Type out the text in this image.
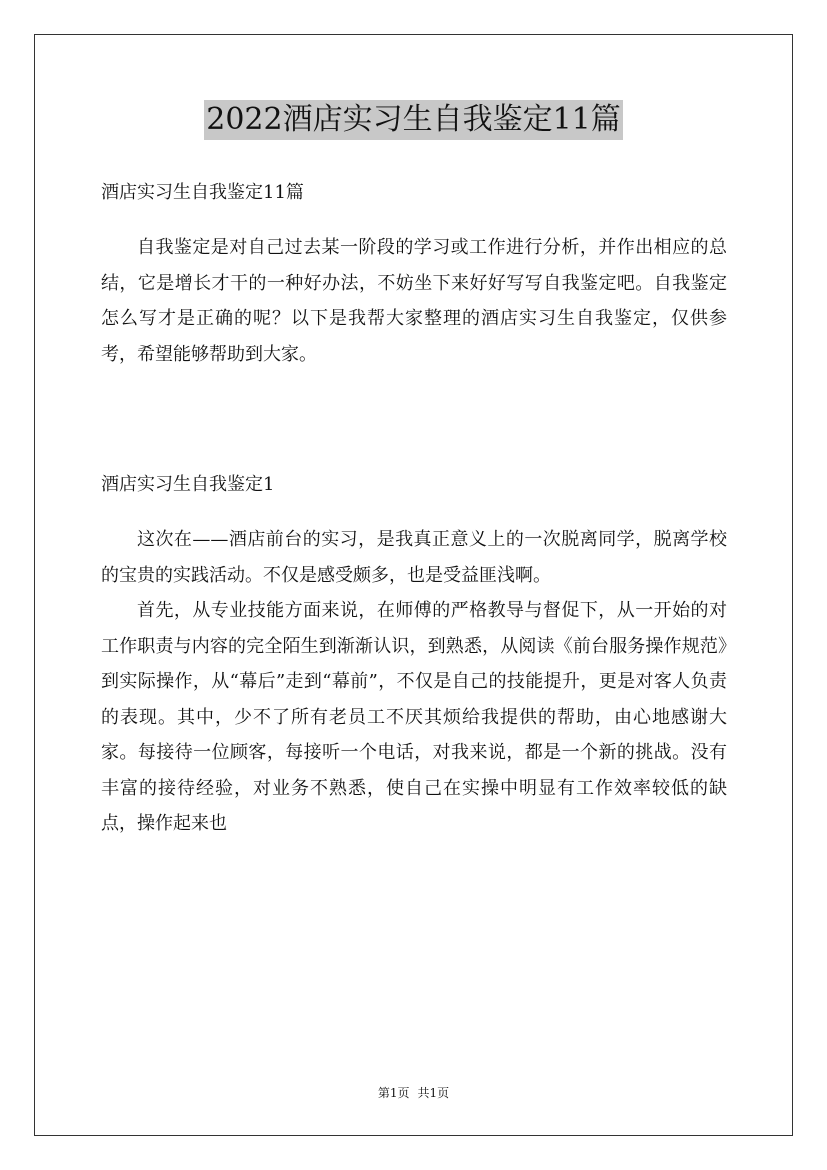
2022酒店实习生自我鉴定11篇

酒店实习生自我鉴定11篇

自我鉴定是对自己过去某一阶段的学习或工作进行分析，并作出相应的总结，它是增长才干的一种好办法，不妨坐下来好好写写自我鉴定吧。自我鉴定怎么写才是正确的呢？以下是我帮大家整理的酒店实习生自我鉴定，仅供参考，希望能够帮助到大家。

酒店实习生自我鉴定1

这次在——酒店前台的实习，是我真正意义上的一次脱离同学，脱离学校的宝贵的实践活动。不仅是感受颇多，也是受益匪浅啊。

首先，从专业技能方面来说，在师傅的严格教导与督促下，从一开始的对工作职责与内容的完全陌生到渐渐认识，到熟悉，从阅读《前台服务操作规范》到实际操作，从“幕后”走到“幕前”，不仅是自己的技能提升，更是对客人负责的表现。其中，少不了所有老员工不厌其烦给我提供的帮助，由心地感谢大家。每接待一位顾客，每接听一个电话，对我来说，都是一个新的挑战。没有丰富的接待经验，对业务不熟悉，使自己在实操中明显有工作效率较低的缺点，操作起来也

第1页 共1页
